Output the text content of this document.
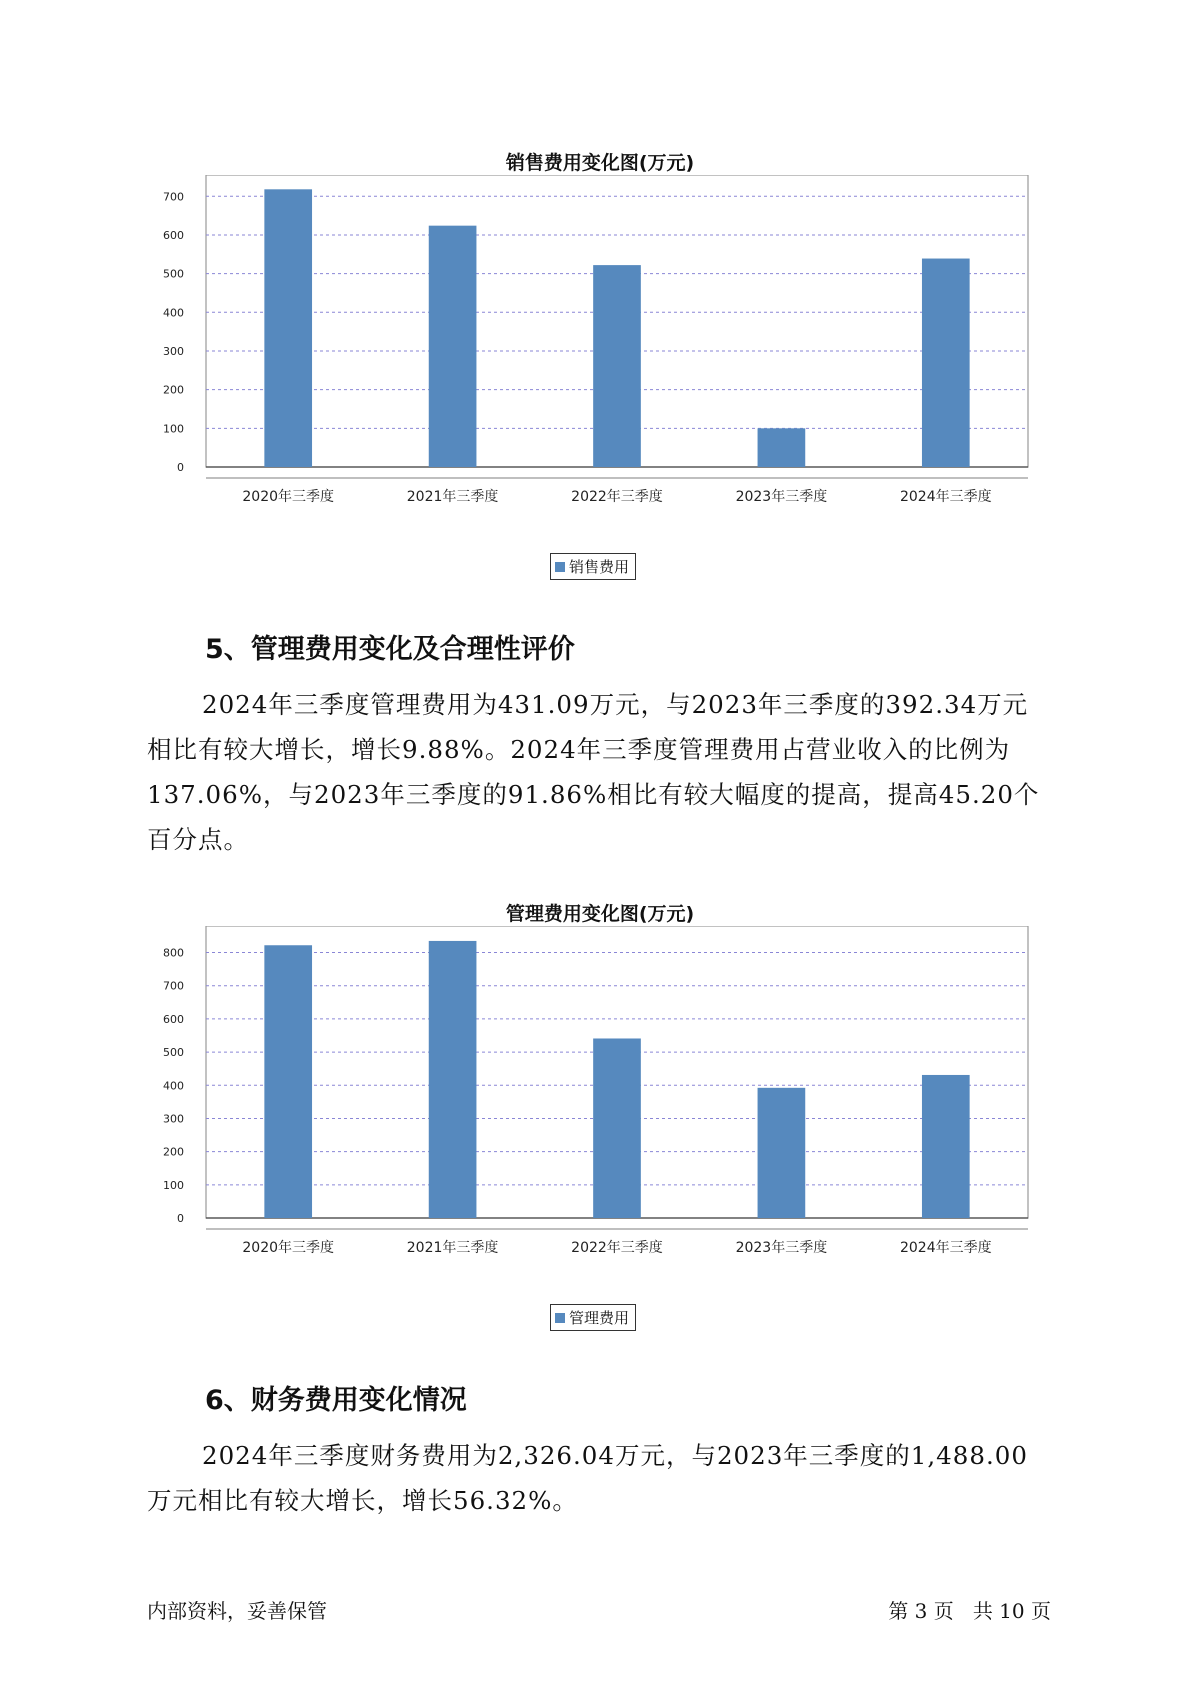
销售费用变化图(万元)
0
100
200
300
400
500
600
700
2020年三季度	2021年三季度	2022年三季度	2023年三季度	2024年三季度
销售费用
5、管理费用变化及合理性评价
2024年三季度管理费用为431.09万元，与2023年三季度的392.34万元
相比有较大增长，增长9.88%。2024年三季度管理费用占营业收入的比例为
137.06%，与2023年三季度的91.86%相比有较大幅度的提高，提高45.20个
百分点。
管理费用变化图(万元)
0
100
200
300
400
500
600
700
800
2020年三季度	2021年三季度	2022年三季度	2023年三季度	2024年三季度
管理费用
6、财务费用变化情况
2024年三季度财务费用为2,326.04万元，与2023年三季度的1,488.00
万元相比有较大增长，增长56.32%。
内部资料，妥善保管	第 3 页   共 10 页
